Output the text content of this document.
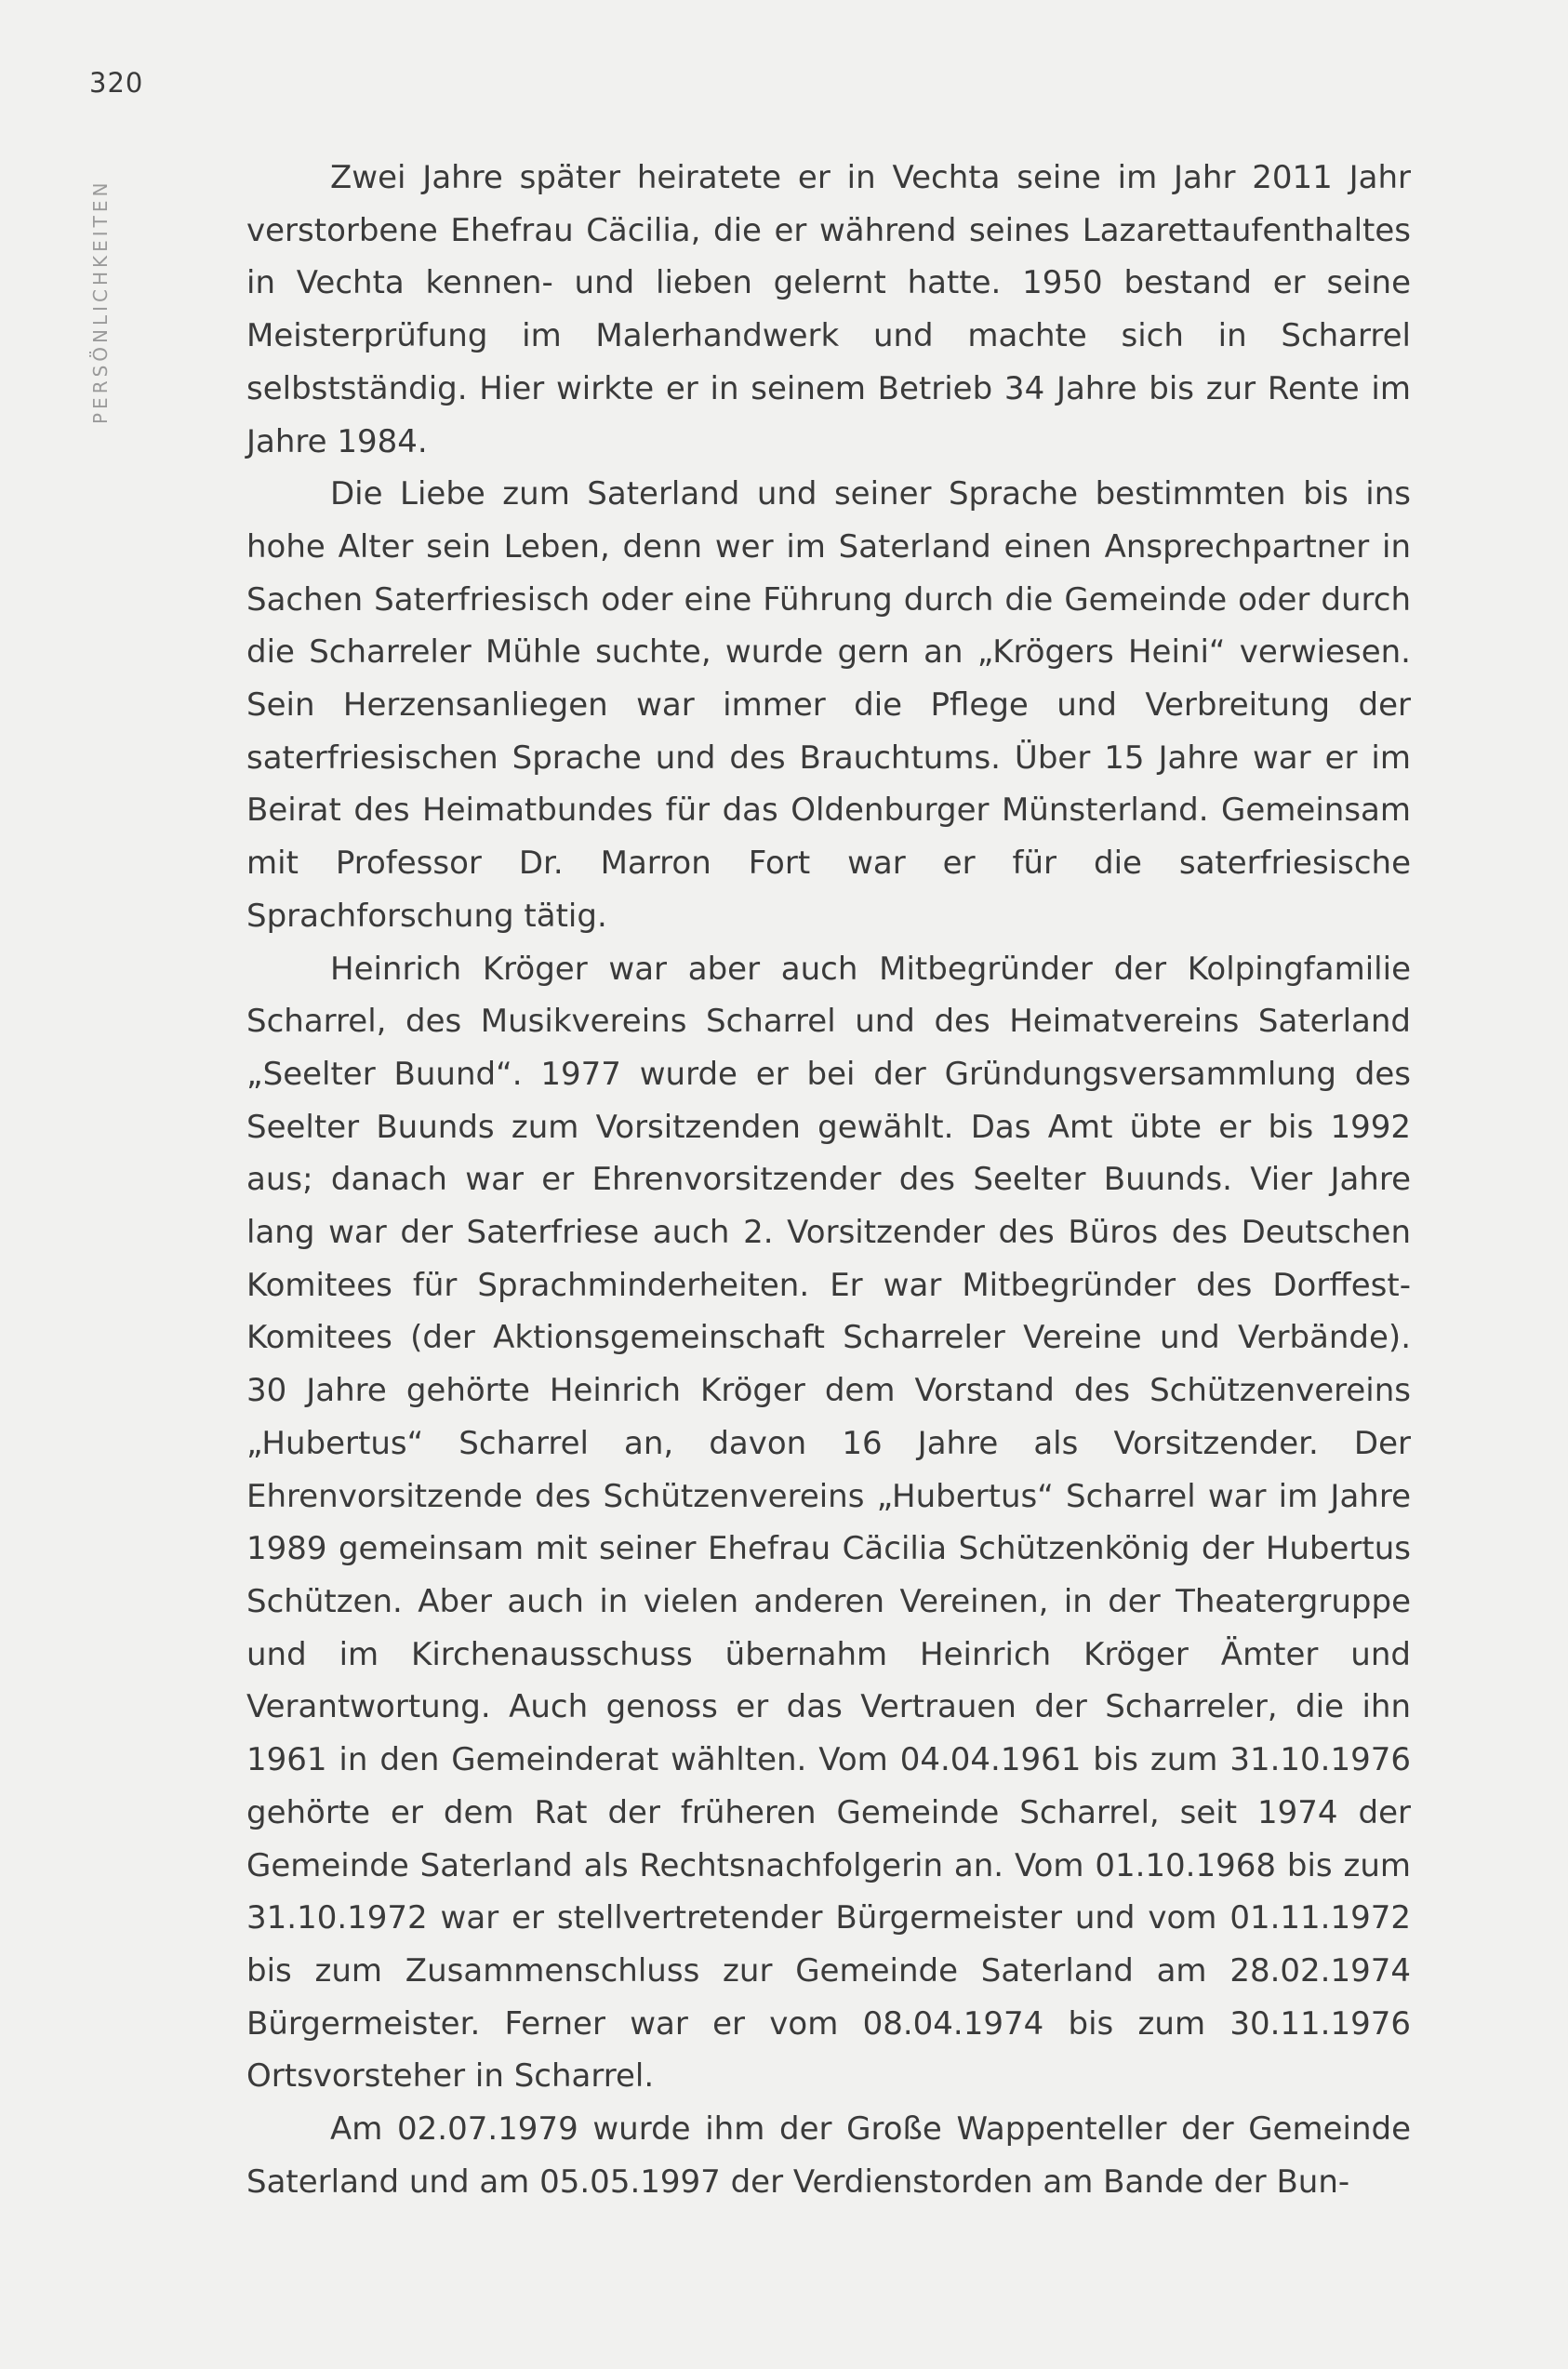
320
PERSÖNLICHKEITEN

Zwei Jahre später heiratete er in Vechta seine im Jahr 2011 Jahr verstorbene Ehefrau Cäcilia, die er während seines Lazarettaufenthaltes in Vechta kennen- und lieben gelernt hatte. 1950 bestand er seine Meisterprüfung im Malerhandwerk und machte sich in Scharrel selbstständig. Hier wirkte er in seinem Betrieb 34 Jahre bis zur Rente im Jahre 1984.

Die Liebe zum Saterland und seiner Sprache bestimmten bis ins hohe Alter sein Leben, denn wer im Saterland einen Ansprechpartner in Sachen Saterfriesisch oder eine Führung durch die Gemeinde oder durch die Scharreler Mühle suchte, wurde gern an „Krögers Heini“ verwiesen. Sein Herzensanliegen war immer die Pflege und Verbreitung der saterfriesischen Sprache und des Brauchtums. Über 15 Jahre war er im Beirat des Heimatbundes für das Oldenburger Münsterland. Gemeinsam mit Professor Dr. Marron Fort war er für die saterfriesische Sprachforschung tätig.

Heinrich Kröger war aber auch Mitbegründer der Kolpingfamilie Scharrel, des Musikvereins Scharrel und des Heimatvereins Saterland „Seelter Buund“. 1977 wurde er bei der Gründungsversammlung des Seelter Buunds zum Vorsitzenden gewählt. Das Amt übte er bis 1992 aus; danach war er Ehrenvorsitzender des Seelter Buunds. Vier Jahre lang war der Saterfriese auch 2. Vorsitzender des Büros des Deutschen Komitees für Sprachminderheiten. Er war Mitbegründer des Dorffest-Komitees (der Aktionsgemeinschaft Scharreler Vereine und Verbände). 30 Jahre gehörte Heinrich Kröger dem Vorstand des Schützenvereins „Hubertus“ Scharrel an, davon 16 Jahre als Vorsitzender. Der Ehrenvorsitzende des Schützenvereins „Hubertus“ Scharrel war im Jahre 1989 gemeinsam mit seiner Ehefrau Cäcilia Schützenkönig der Hubertus Schützen. Aber auch in vielen anderen Vereinen, in der Theatergruppe und im Kirchenausschuss übernahm Heinrich Kröger Ämter und Verantwortung. Auch genoss er das Vertrauen der Scharreler, die ihn 1961 in den Gemeinderat wählten. Vom 04.04.1961 bis zum 31.10.1976 gehörte er dem Rat der früheren Gemeinde Scharrel, seit 1974 der Gemeinde Saterland als Rechtsnachfolgerin an. Vom 01.10.1968 bis zum 31.10.1972 war er stellvertretender Bürgermeister und vom 01.11.1972 bis zum Zusammenschluss zur Gemeinde Saterland am 28.02.1974 Bürgermeister. Ferner war er vom 08.04.1974 bis zum 30.11.1976 Ortsvorsteher in Scharrel.

Am 02.07.1979 wurde ihm der Große Wappenteller der Gemeinde Saterland und am 05.05.1997 der Verdienstorden am Bande der Bun-
